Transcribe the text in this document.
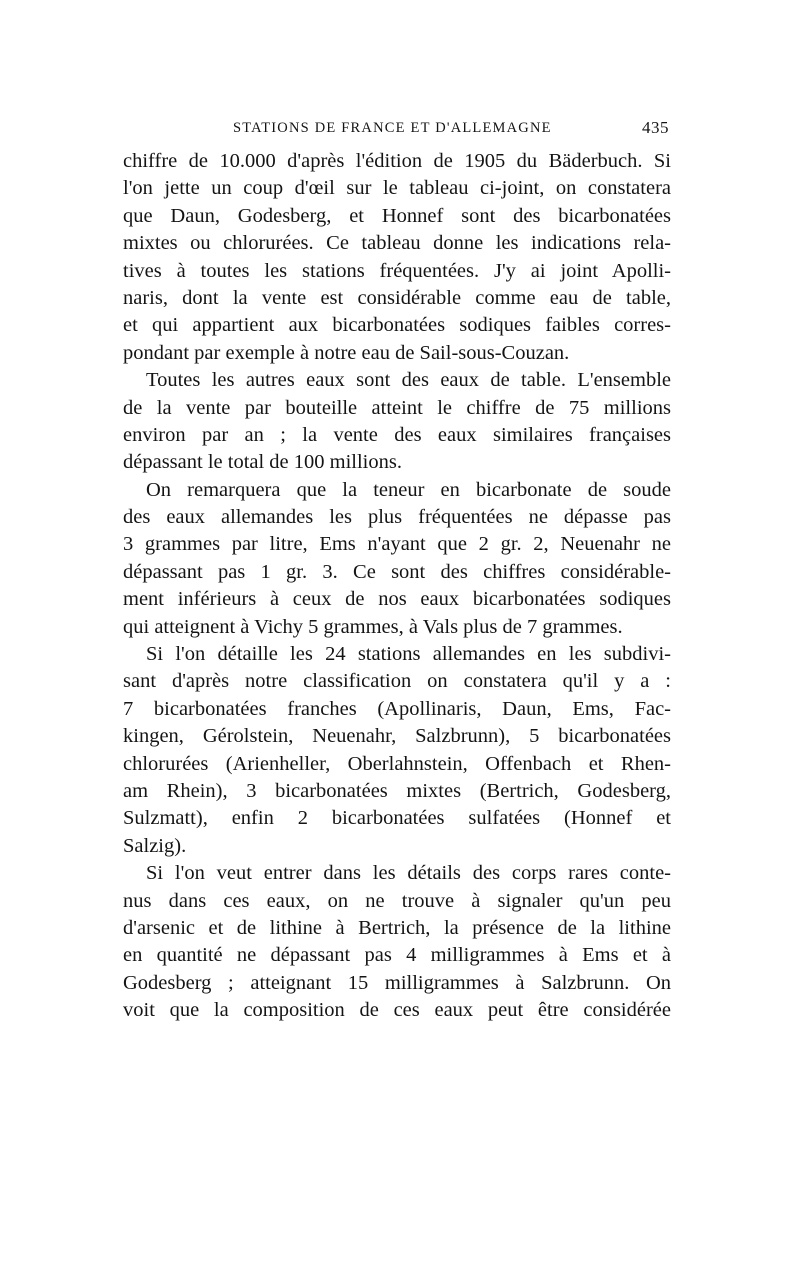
STATIONS DE FRANCE ET D'ALLEMAGNE	435
chiffre de 10.000 d'après l'édition de 1905 du Bäderbuch. Si
l'on jette un coup d'œil sur le tableau ci-joint, on constatera
que Daun, Godesberg, et Honnef sont des bicarbonatées
mixtes ou chlorurées. Ce tableau donne les indications rela-
tives à toutes les stations fréquentées. J'y ai joint Apolli-
naris, dont la vente est considérable comme eau de table,
et qui appartient aux bicarbonatées sodiques faibles corres-
pondant par exemple à notre eau de Sail-sous-Couzan.
Toutes les autres eaux sont des eaux de table. L'ensemble
de la vente par bouteille atteint le chiffre de 75 millions
environ par an ; la vente des eaux similaires françaises
dépassant le total de 100 millions.
On remarquera que la teneur en bicarbonate de soude
des eaux allemandes les plus fréquentées ne dépasse pas
3 grammes par litre, Ems n'ayant que 2 gr. 2, Neuenahr ne
dépassant pas 1 gr. 3. Ce sont des chiffres considérable-
ment inférieurs à ceux de nos eaux bicarbonatées sodiques
qui atteignent à Vichy 5 grammes, à Vals plus de 7 grammes.
Si l'on détaille les 24 stations allemandes en les subdivi-
sant d'après notre classification on constatera qu'il y a :
7 bicarbonatées franches (Apollinaris, Daun, Ems, Fac-
kingen, Gérolstein, Neuenahr, Salzbrunn), 5 bicarbonatées
chlorurées (Arienheller, Oberlahnstein, Offenbach et Rhen-
am Rhein), 3 bicarbonatées mixtes (Bertrich, Godesberg,
Sulzmatt), enfin 2 bicarbonatées sulfatées (Honnef et
Salzig).
Si l'on veut entrer dans les détails des corps rares conte-
nus dans ces eaux, on ne trouve à signaler qu'un peu
d'arsenic et de lithine à Bertrich, la présence de la lithine
en quantité ne dépassant pas 4 milligrammes à Ems et à
Godesberg ; atteignant 15 milligrammes à Salzbrunn. On
voit que la composition de ces eaux peut être considérée
